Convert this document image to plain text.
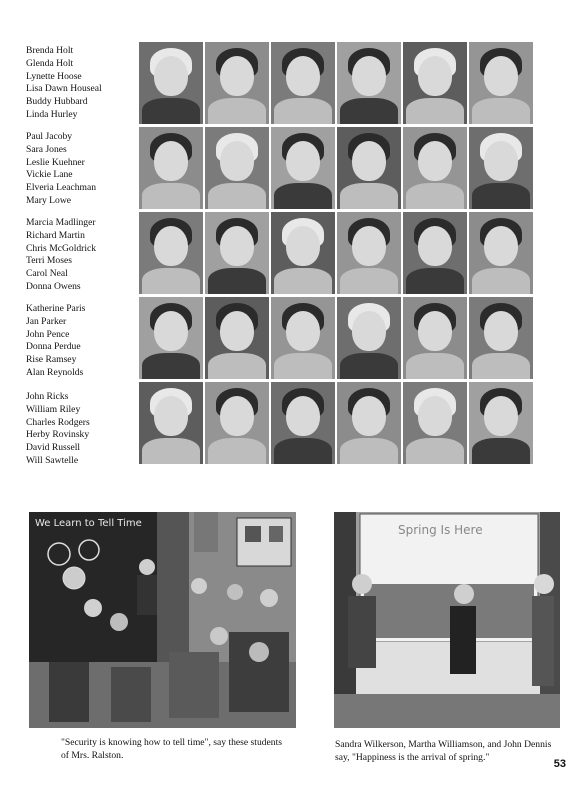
Brenda Holt
Glenda Holt
Lynette Hoose
Lisa Dawn Houseal
Buddy Hubbard
Linda Hurley
Paul Jacoby
Sara Jones
Leslie Kuehner
Vickie Lane
Elveria Leachman
Mary Lowe
Marcia Madlinger
Richard Martin
Chris McGoldrick
Terri Moses
Carol Neal
Donna Owens
Katherine Paris
Jan Parker
John Pence
Donna Perdue
Rise Ramsey
Alan Reynolds
John Ricks
William Riley
Charles Rodgers
Herby Rovinsky
David Russell
Will Sawtelle
We Learn to Tell Time
"Security is knowing how to tell time", say these students of Mrs. Ralston.
Spring Is Here
Sandra Wilkerson, Martha Williamson, and John Dennis say, "Happiness is the arrival of spring."
53
